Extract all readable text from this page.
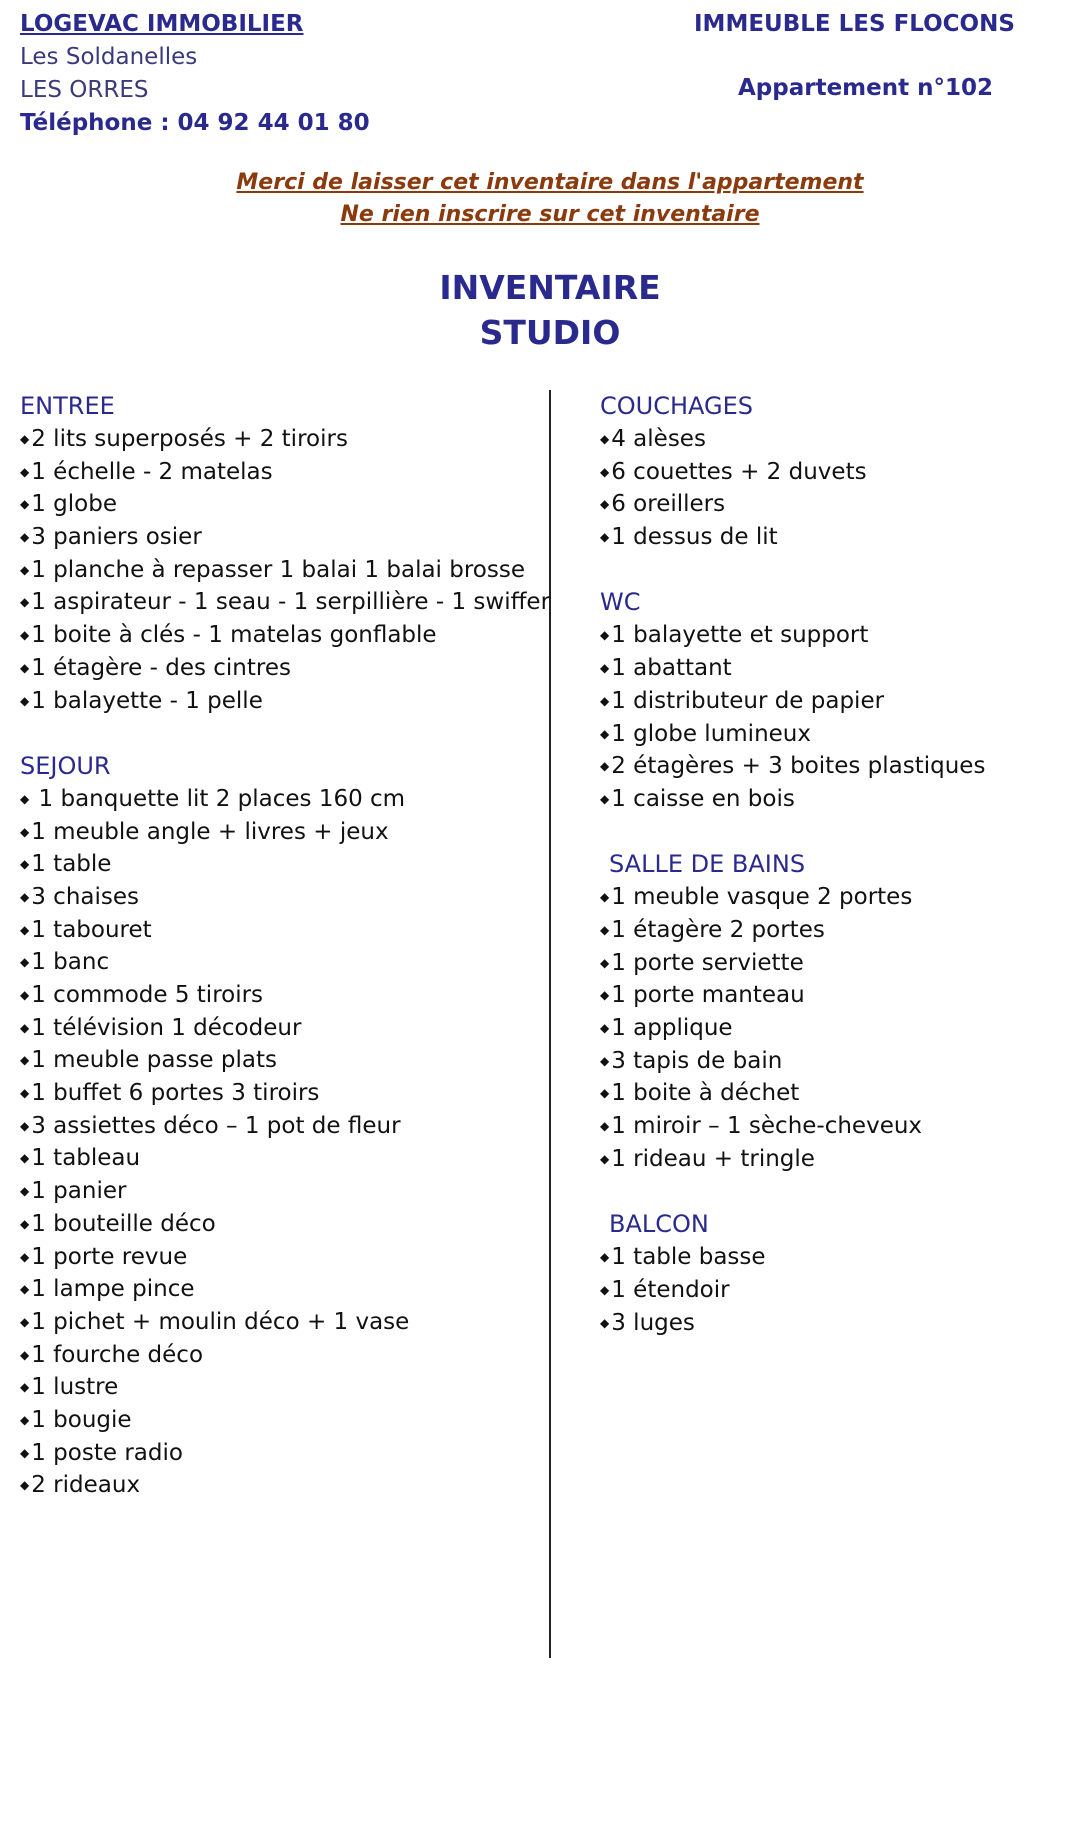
LOGEVAC IMMOBILIER
Les Soldanelles
LES ORRES
Téléphone : 04 92 44 01 80
IMMEUBLE LES FLOCONS
Appartement n°102
Merci de laisser cet inventaire dans l'appartement
Ne rien inscrire sur cet inventaire
INVENTAIRE
STUDIO
ENTREE
◆2 lits superposés + 2 tiroirs
◆1 échelle - 2 matelas
◆1 globe
◆3 paniers osier
◆1 planche à repasser 1 balai 1 balai brosse
◆1 aspirateur - 1 seau - 1 serpillière - 1 swiffer
◆1 boite à clés - 1 matelas gonflable
◆1 étagère - des cintres
◆1 balayette - 1 pelle
SEJOUR
◆ 1 banquette lit 2 places 160 cm
◆1 meuble angle + livres + jeux
◆1 table
◆3 chaises
◆1 tabouret
◆1 banc
◆1 commode 5 tiroirs
◆1 télévision 1 décodeur
◆1 meuble passe plats
◆1 buffet 6 portes 3 tiroirs
◆3 assiettes déco – 1 pot de fleur
◆1 tableau
◆1 panier
◆1 bouteille déco
◆1 porte revue
◆1 lampe pince
◆1 pichet + moulin déco + 1 vase
◆1 fourche déco
◆1 lustre
◆1 bougie
◆1 poste radio
◆2 rideaux
COUCHAGES
◆4 alèses
◆6 couettes + 2 duvets
◆6 oreillers
◆1 dessus de lit
WC
◆1 balayette et support
◆1 abattant
◆1 distributeur de papier
◆1 globe lumineux
◆2 étagères + 3 boites plastiques
◆1 caisse en bois
SALLE DE BAINS
◆1 meuble vasque 2 portes
◆1 étagère 2 portes
◆1 porte serviette
◆1 porte manteau
◆1 applique
◆3 tapis de bain
◆1 boite à déchet
◆1 miroir – 1 sèche-cheveux
◆1 rideau + tringle
BALCON
◆1 table basse
◆1 étendoir
◆3 luges
